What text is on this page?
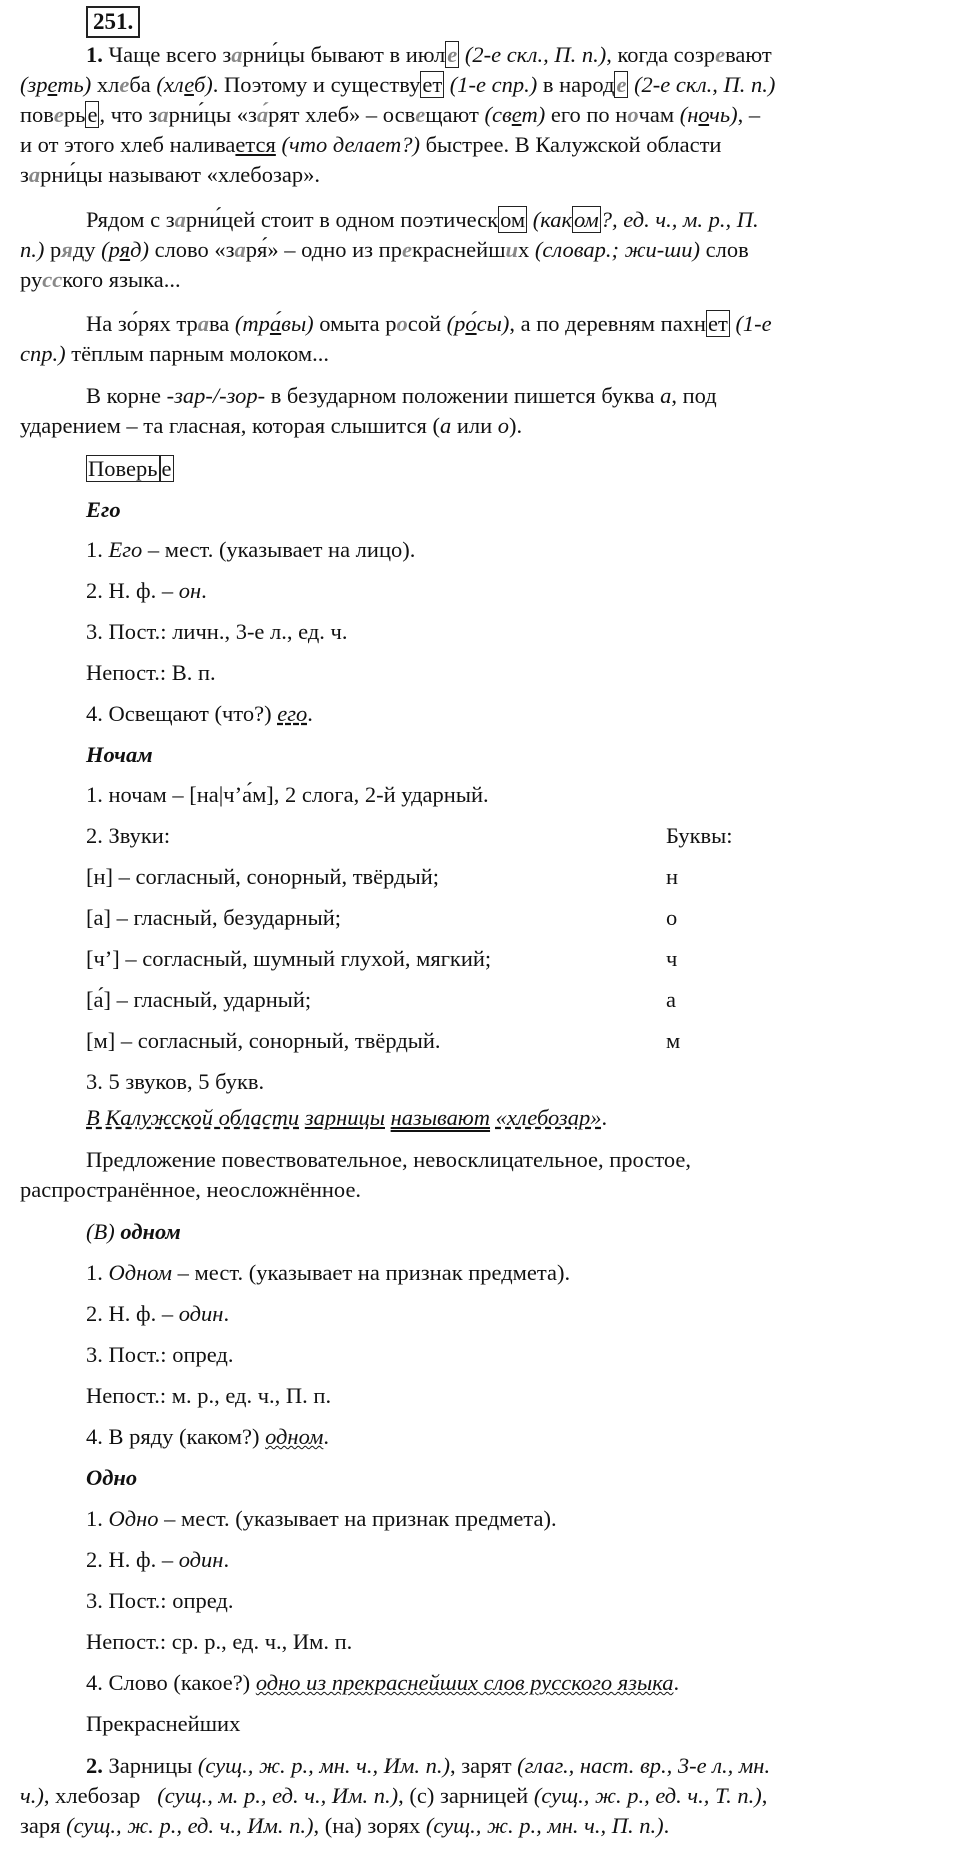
251.
1. Чаще всего зарни́цы бывают в июле (2-е скл., П. п.), когда созревают
(зреть) хлеба (хлеб). Поэтому и существует (1-е спр.) в народе (2-е скл., П. п.)
поверье, что зарни́цы «за́рят хлеб» – освещают (свет) его по ночам (ночь), –
и от этого хлеб наливается (что делает?) быстрее. В Калужской области
зарни́цы называют «хлебозар».
Рядом с зарни́цей стоит в одном поэтическом (каком?, ед. ч., м. р., П.
п.) ряду (ряд) слово «заря́» – одно из прекраснейших (словар.; жи-ши) слов
русского языка...
На зо́рях трава (тра́вы) омыта росой (ро́сы), а по деревням пахнет (1-е
спр.) тёплым парным молоком...
В корне -зар-/-зор- в безударном положении пишется буква а, под
ударением – та гласная, которая слышится (а или о).
Поверь е
Его
1. Его – мест. (указывает на лицо).
2. Н. ф. – он.
3. Пост.: личн., 3-е л., ед. ч.
Непост.: В. п.
4. Освещают (что?) его.
Ночам
1. ночам – [на|ч’а́м], 2 слога, 2-й ударный.
2. Звуки:	Буквы:
[н] – согласный, сонорный, твёрдый;	н
[а] – гласный, безударный;	о
[ч’] – согласный, шумный глухой, мягкий;	ч
[а́] – гласный, ударный;	а
[м] – согласный, сонорный, твёрдый.	м
3. 5 звуков, 5 букв.
В Калужской области зарницы называют «хлебозар».
Предложение повествовательное, невосклицательное, простое,
распространённое, неосложнённое.
(В) одном
1. Одном – мест. (указывает на признак предмета).
2. Н. ф. – один.
3. Пост.: опред.
Непост.: м. р., ед. ч., П. п.
4. В ряду (каком?) одном.
Одно
1. Одно – мест. (указывает на признак предмета).
2. Н. ф. – один.
3. Пост.: опред.
Непост.: ср. р., ед. ч., Им. п.
4. Слово (какое?) одно из прекраснейших слов русского языка.
Прекраснейших
2. Зарницы (сущ., ж. р., мн. ч., Им. п.), зарят (глаг., наст. вр., 3-е л., мн.
ч.), хлебозар   (сущ., м. р., ед. ч., Им. п.), (с) зарницей (сущ., ж. р., ед. ч., Т. п.),
заря (сущ., ж. р., ед. ч., Им. п.), (на) зорях (сущ., ж. р., мн. ч., П. п.).
